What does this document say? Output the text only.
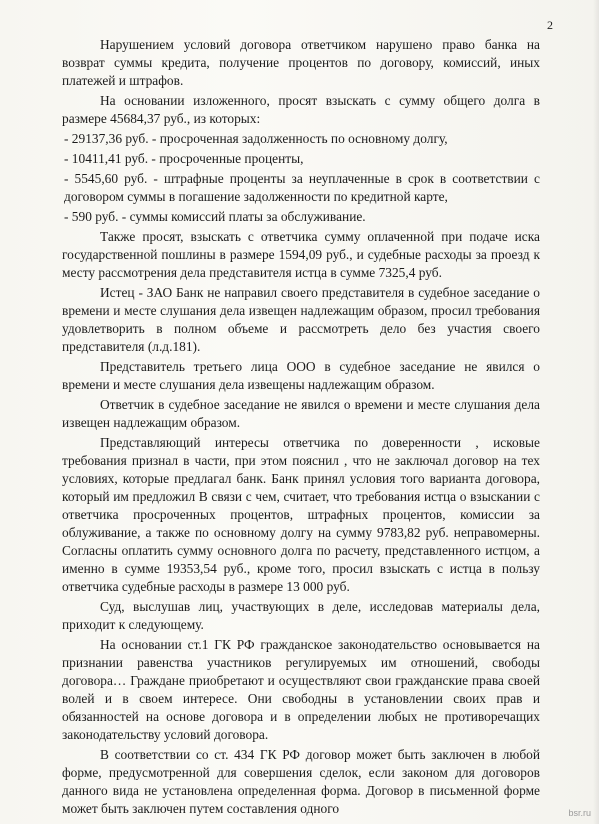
2

Нарушением условий договора ответчиком нарушено право банка на возврат суммы кредита, получение процентов по договору, комиссий, иных платежей и штрафов.

На основании изложенного, просят взыскать с сумму общего долга в размере 45684,37 руб., из которых:

- 29137,36 руб. - просроченная задолженность по основному долгу,

- 10411,41 руб. - просроченные проценты,

- 5545,60 руб. - штрафные проценты за неуплаченные в срок в соответствии с договором суммы в погашение задолженности по кредитной карте,

- 590 руб. - суммы комиссий платы за обслуживание.

Также просят, взыскать с ответчика сумму оплаченной при подаче иска государственной пошлины в размере 1594,09 руб., и судебные расходы за проезд к месту рассмотрения дела представителя истца в сумме 7325,4 руб.

Истец - ЗАО Банк не направил своего представителя в судебное заседание о времени и месте слушания дела извещен надлежащим образом, просил требования удовлетворить в полном объеме и рассмотреть дело без участия своего представителя (л.д.181).

Представитель третьего лица ООО в судебное заседание не явился о времени и месте слушания дела извещены надлежащим образом.

Ответчик в судебное заседание не явился о времени и месте слушания дела извещен надлежащим образом.

Представляющий интересы ответчика по доверенности , исковые требования признал в части, при этом пояснил , что не заключал договор на тех условиях, которые предлагал банк. Банк принял условия того варианта договора, который им предложил В связи с чем, считает, что требования истца о взыскании с ответчика просроченных процентов, штрафных процентов, комиссии за облуживание, а также по основному долгу на сумму 9783,82 руб. неправомерны. Согласны оплатить сумму основного долга по расчету, представленного истцом, а именно в сумме 19353,54 руб., кроме того, просил взыскать с истца в пользу ответчика судебные расходы в размере 13 000 руб.

Суд, выслушав лиц, участвующих в деле, исследовав материалы дела, приходит к следующему.

На основании ст.1 ГК РФ гражданское законодательство основывается на признании равенства участников регулируемых им отношений, свободы договора… Граждане приобретают и осуществляют свои гражданские права своей волей и в своем интересе. Они свободны в установлении своих прав и обязанностей на основе договора и в определении любых не противоречащих законодательству условий договора.

В соответствии со ст. 434 ГК РФ договор может быть заключен в любой форме, предусмотренной для совершения сделок, если законом для договоров данного вида не установлена определенная форма. Договор в письменной форме может быть заключен путем составления одного	bsr.ru
